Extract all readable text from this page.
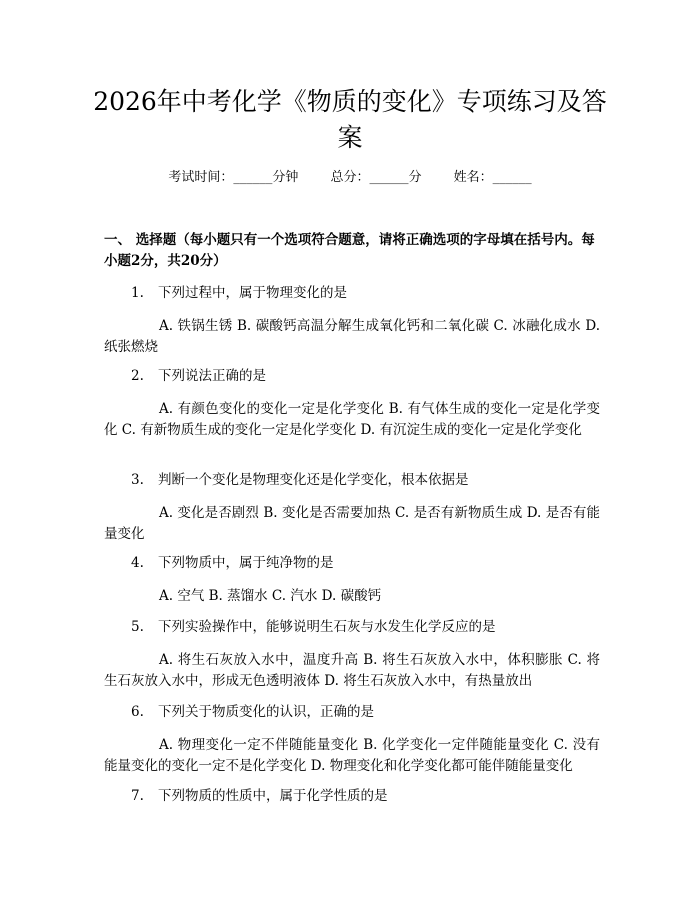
2026年中考化学《物质的变化》专项练习及答案
考试时间：______分钟 总分：______分 姓名：______
一、 选择题（每小题只有一个选项符合题意，请将正确选项的字母填在括号内。每小题2分，共20分）
1. 下列过程中，属于物理变化的是
A. 铁锅生锈 B. 碳酸钙高温分解生成氧化钙和二氧化碳 C. 冰融化成水 D. 纸张燃烧
2. 下列说法正确的是
A. 有颜色变化的变化一定是化学变化 B. 有气体生成的变化一定是化学变化 C. 有新物质生成的变化一定是化学变化 D. 有沉淀生成的变化一定是化学变化
3. 判断一个变化是物理变化还是化学变化，根本依据是
A. 变化是否剧烈 B. 变化是否需要加热 C. 是否有新物质生成 D. 是否有能量变化
4. 下列物质中，属于纯净物的是
A. 空气 B. 蒸馏水 C. 汽水 D. 碳酸钙
5. 下列实验操作中，能够说明生石灰与水发生化学反应的是
A. 将生石灰放入水中，温度升高 B. 将生石灰放入水中，体积膨胀 C. 将生石灰放入水中，形成无色透明液体 D. 将生石灰放入水中，有热量放出
6. 下列关于物质变化的认识，正确的是
A. 物理变化一定不伴随能量变化 B. 化学变化一定伴随能量变化 C. 没有能量变化的变化一定不是化学变化 D. 物理变化和化学变化都可能伴随能量变化
7. 下列物质的性质中，属于化学性质的是
